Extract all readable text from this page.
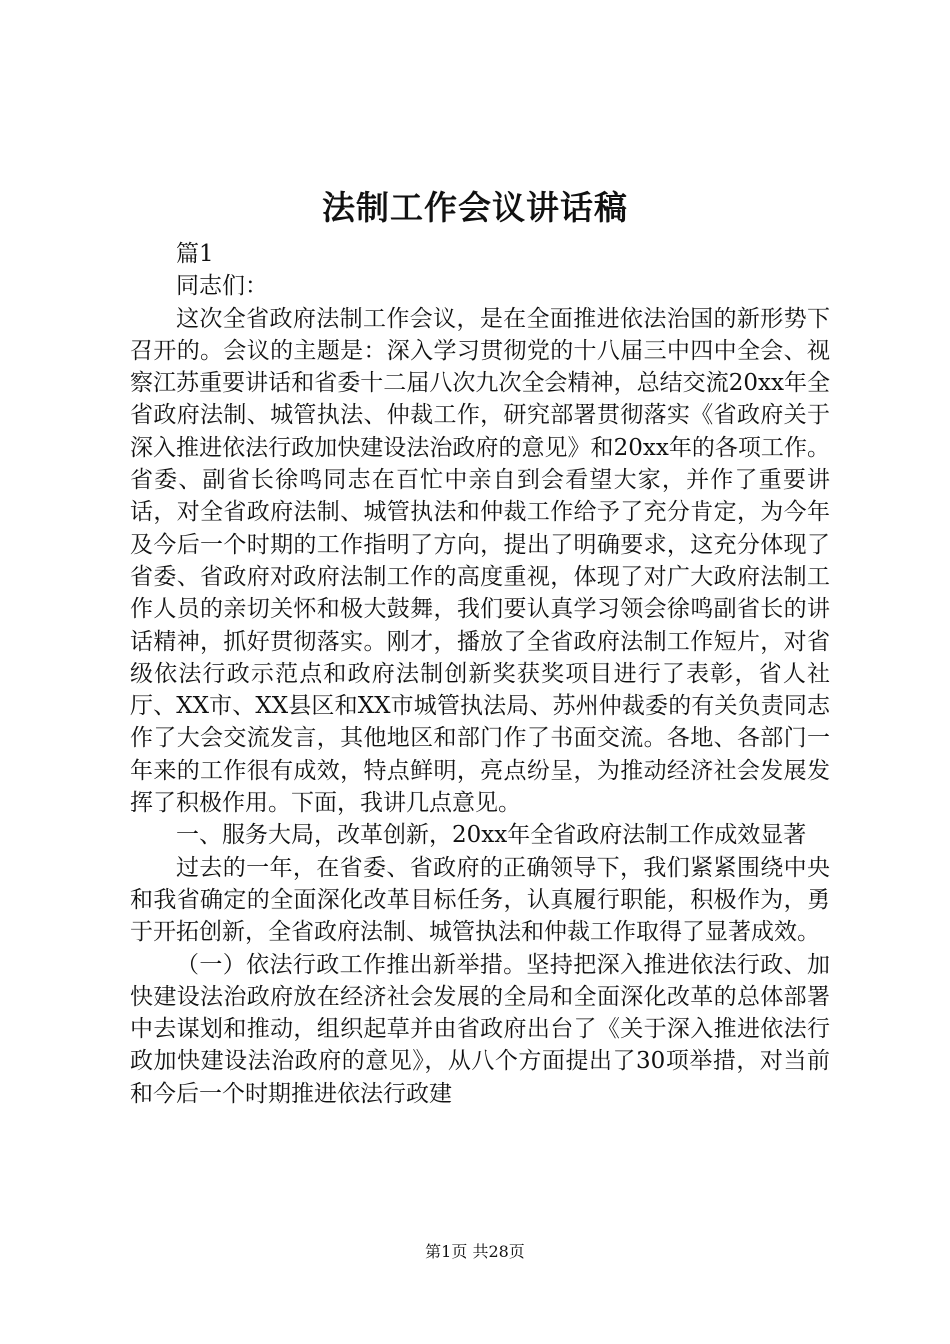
法制工作会议讲话稿

篇1

同志们：

这次全省政府法制工作会议，是在全面推进依法治国的新形势下召开的。会议的主题是：深入学习贯彻党的十八届三中四中全会、视察江苏重要讲话和省委十二届八次九次全会精神，总结交流20xx年全省政府法制、城管执法、仲裁工作，研究部署贯彻落实《省政府关于深入推进依法行政加快建设法治政府的意见》和20xx年的各项工作。省委、副省长徐鸣同志在百忙中亲自到会看望大家，并作了重要讲话，对全省政府法制、城管执法和仲裁工作给予了充分肯定，为今年及今后一个时期的工作指明了方向，提出了明确要求，这充分体现了省委、省政府对政府法制工作的高度重视，体现了对广大政府法制工作人员的亲切关怀和极大鼓舞，我们要认真学习领会徐鸣副省长的讲话精神，抓好贯彻落实。刚才，播放了全省政府法制工作短片，对省级依法行政示范点和政府法制创新奖获奖项目进行了表彰，省人社厅、XX市、XX县区和XX市城管执法局、苏州仲裁委的有关负责同志作了大会交流发言，其他地区和部门作了书面交流。各地、各部门一年来的工作很有成效，特点鲜明，亮点纷呈，为推动经济社会发展发挥了积极作用。下面，我讲几点意见。

一、服务大局，改革创新，20xx年全省政府法制工作成效显著

过去的一年，在省委、省政府的正确领导下，我们紧紧围绕中央和我省确定的全面深化改革目标任务，认真履行职能，积极作为，勇于开拓创新，全省政府法制、城管执法和仲裁工作取得了显著成效。

（一）依法行政工作推出新举措。坚持把深入推进依法行政、加快建设法治政府放在经济社会发展的全局和全面深化改革的总体部署中去谋划和推动，组织起草并由省政府出台了《关于深入推进依法行政加快建设法治政府的意见》，从八个方面提出了30项举措，对当前和今后一个时期推进依法行政建

第1页 共28页
